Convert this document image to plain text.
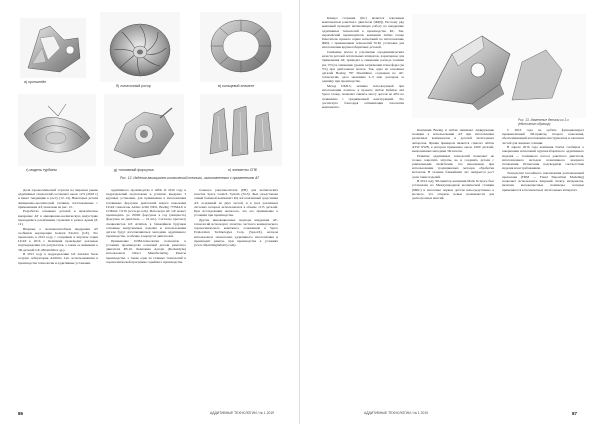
а) кронштейн
б) лопаточный ротор	в) кольцевой элемент
г) модель турбины	д) топливный форсунка	е) элементы СПЕ
Рис. 12. Изделия авиационно-космической техники, изготовленные с применением АТ

Доля аэрокосмической отрасли на мировом рынке аддитивных технологий составляет около 12% (2018 г.) и имеет тенденцию к росту [12–14]. Некоторые детали авиационно-космической техники, изготовленные с применением АТ, показаны на рис. 12.

Разработка основных деталей и практическое внедрение АТ в авиационно-космическую индустрию проводились различными странами в разное время [8, 12].

Впервые о полномасштабном внедрении АТ сообщила корпорация General Electric (GE). Это произошло в 2012 году, с созданием и впуском серии LEAP к 2016 г. Компания производит реальные подтверждения тех результатов, а также ее внимание к 3D-деталей GE, Mitsubishi и др.).

В 2013 году в подразделении GE Aviation была создана лаборатория Additive Lab, использовавшая в производстве технологии и аддитивные установки.

аддитивного производства в АПК. К 2016 году в подразделений подготовлен и успешно внедрено 3 крупных установки, для применения в изготовлении топливных форсунок двигателей нового поколения LEAP самолетов Airbus A320 NEO, Boeing 737MAX и COMAC C919 (www.ge.com). Используя АТ, GE может производить до 25000 форсунок в год (мощность) форсунок на двигатель — 19 шт.). Согласно прогнозу специалистов GE Aviation, в ближайшем будущем основные выпускаемые изделия и использования детали будут изготавливаться методами аддитивного производства, особенно в корпусах двигателей.

Применение ПЛМ-технологии позволило в условиях производства основной детали ракетного двигателя РЛ-10. Компания Aerojet (Rocketdyne) использовала Direct Manufacturing, Ракеты производства, а также одна из главных технологий в аэрокосмической программе серийного производства.

тельного ракетоносителя (РН) для космических полетов Space Launch System (SLS). Был представлен самый большой компонент РД, изготовленный средствами АТ, созданный из двух частей, и в трех различных системах которых использовался в объеме 1115 деталей. При исследовании оказалось, что его применение в условиях при производстве.

Другие инновационные подходы внедрения АТ-технологий используют агенство частного коммерческого аэрокосмического комплекса, основанная в Space Exploration Technologies Corp. (SpaceX), которая использовала технологию аддитивного изготовления и производит ракеты, при производстве в условиях (www.3dprintingindustry.com).

86	АДДИТИВНЫЕ ТЕХНОЛОГИИ / № 1 2019

Камера сгорания (КС) является ключевым компонентом ракетного двигателя (ЖРД). Поэтому ряд компаний проводит интенсивную работу по внедрению аддитивных технологий в производство КС. Так, европейский производитель компании Airbus Group Innovations провела серию испытаний по изготовлению ЖРД, с применением технологий SLM, установка для изготовления крупногабаритных деталей.

Снижение массы и улучшение аэродинамических качеств деталей летательных аппаратов, характерное для применения АТ, приводит к снижению расхода топлива (на 15%) и снижению уровня загрязнения атмосферы (на 5%) при длительном полете. Так, одна из основных деталей Boeing 787 Dreamliner, созданная по АТ-технологии, дала экономию 2–3 млн долларов за единицу при производстве.

Метод DMLS, активно используемый при изготовлении лопаток, в проекте Airbus Defense and Space Group, позволил снизить массу детали на 40% по сравнению с традиционной конструкцией. Это достигнуто благодаря оптимизации топологии компонента.

Рис. 13. Изменение детали из 3-х (единичного образца)

Компании Boeing и Airbus занимают лидирующие позиции в использовании АТ при изготовлении различных компонентов и деталей летательных аппаратов. Ярким примером является самолет Airbus A350 XWB, в котором применено около 1000 деталей, выполненных методами 3D-печати.

Развитие аддитивных технологий позволяет не только сократить затраты, но и создавать детали с уникальными свойствами, что невозможно при использовании традиционных методов обработки металлов. В течение ближайших лет ожидается рост доли таких изделий.

В 2014 году 3D-принтер компании Made In Space был установлен на Международной космической станции (МКС) и изготовил первые детали непосредственно в космосе, что открыло новые возможности для долгосрочных миссий.

С 2016 года на орбите функционирует промышленный 3D-принтер второго поколения, обеспечивающий изготовление инструментов и запасных частей для экипажа станции.

В апреле 2016 года компания NASA сообщила о завершении испытаний крупногабаритного аддитивного изделия — топливного насоса ракетного двигателя, изготовленного методом селективного лазерного сплавления. Испытания подтвердили соответствие изделия всем требованиям.

Технология послойного наплавления расплавленной проволоки (FDM — Fused Deposition Modeling) позволяет использовать широкий спектр материалов, включая высокопрочные полимеры, которые применяются в беспилотных летательных аппаратах.

АДДИТИВНЫЕ ТЕХНОЛОГИИ / № 1 2019	87
